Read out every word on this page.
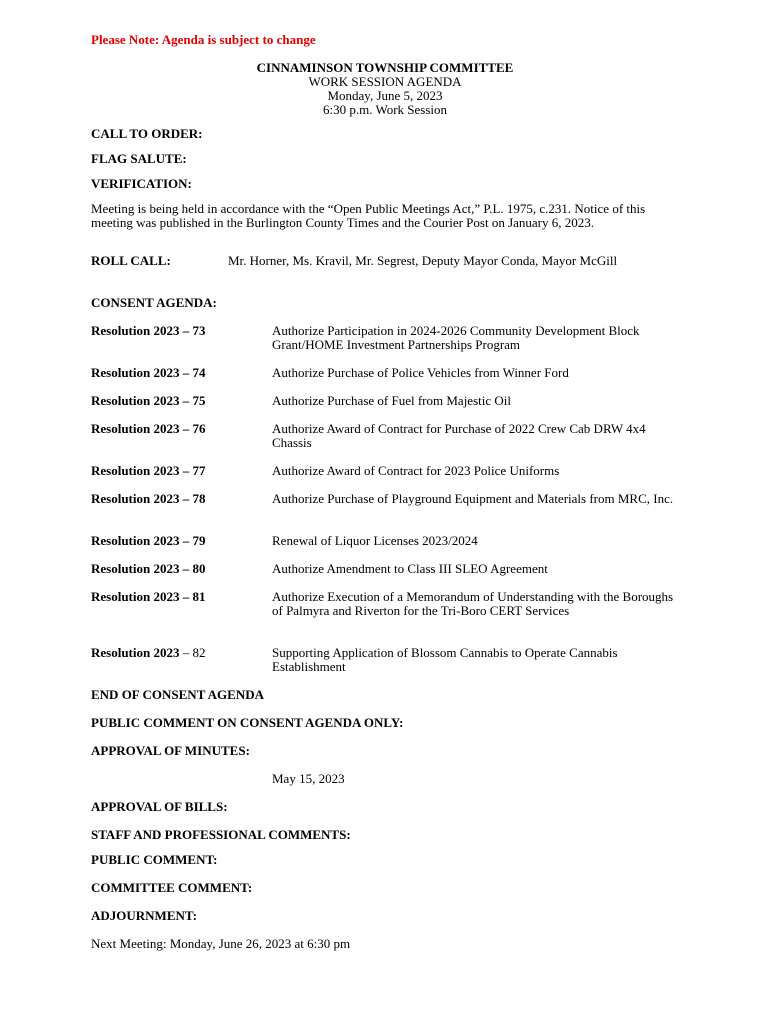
Please Note: Agenda is subject to change
CINNAMINSON TOWNSHIP COMMITTEE
WORK SESSION AGENDA
Monday, June 5, 2023
6:30 p.m. Work Session
CALL TO ORDER:
FLAG SALUTE:
VERIFICATION:
Meeting is being held in accordance with the “Open Public Meetings Act,” P.L. 1975, c.231. Notice of this meeting was published in the Burlington County Times and the Courier Post on January 6, 2023.
ROLL CALL:	Mr. Horner, Ms. Kravil, Mr. Segrest, Deputy Mayor Conda, Mayor McGill
CONSENT AGENDA:
Resolution 2023 – 73	Authorize Participation in 2024-2026 Community Development Block Grant/HOME Investment Partnerships Program
Resolution 2023 – 74	Authorize Purchase of Police Vehicles from Winner Ford
Resolution 2023 – 75	Authorize Purchase of Fuel from Majestic Oil
Resolution 2023 – 76	Authorize Award of Contract for Purchase of 2022 Crew Cab DRW 4x4 Chassis
Resolution 2023 – 77	Authorize Award of Contract for 2023 Police Uniforms
Resolution 2023 – 78	Authorize Purchase of Playground Equipment and Materials from MRC, Inc.
Resolution 2023 – 79	Renewal of Liquor Licenses 2023/2024
Resolution 2023 – 80	Authorize Amendment to Class III SLEO Agreement
Resolution 2023 – 81	Authorize Execution of a Memorandum of Understanding with the Boroughs of Palmyra and Riverton for the Tri-Boro CERT Services
Resolution 2023 – 82	Supporting Application of Blossom Cannabis to Operate Cannabis Establishment
END OF CONSENT AGENDA
PUBLIC COMMENT ON CONSENT AGENDA ONLY:
APPROVAL OF MINUTES:
May 15, 2023
APPROVAL OF BILLS:
STAFF AND PROFESSIONAL COMMENTS:
PUBLIC COMMENT:
COMMITTEE COMMENT:
ADJOURNMENT:
Next Meeting: Monday, June 26, 2023 at 6:30 pm
